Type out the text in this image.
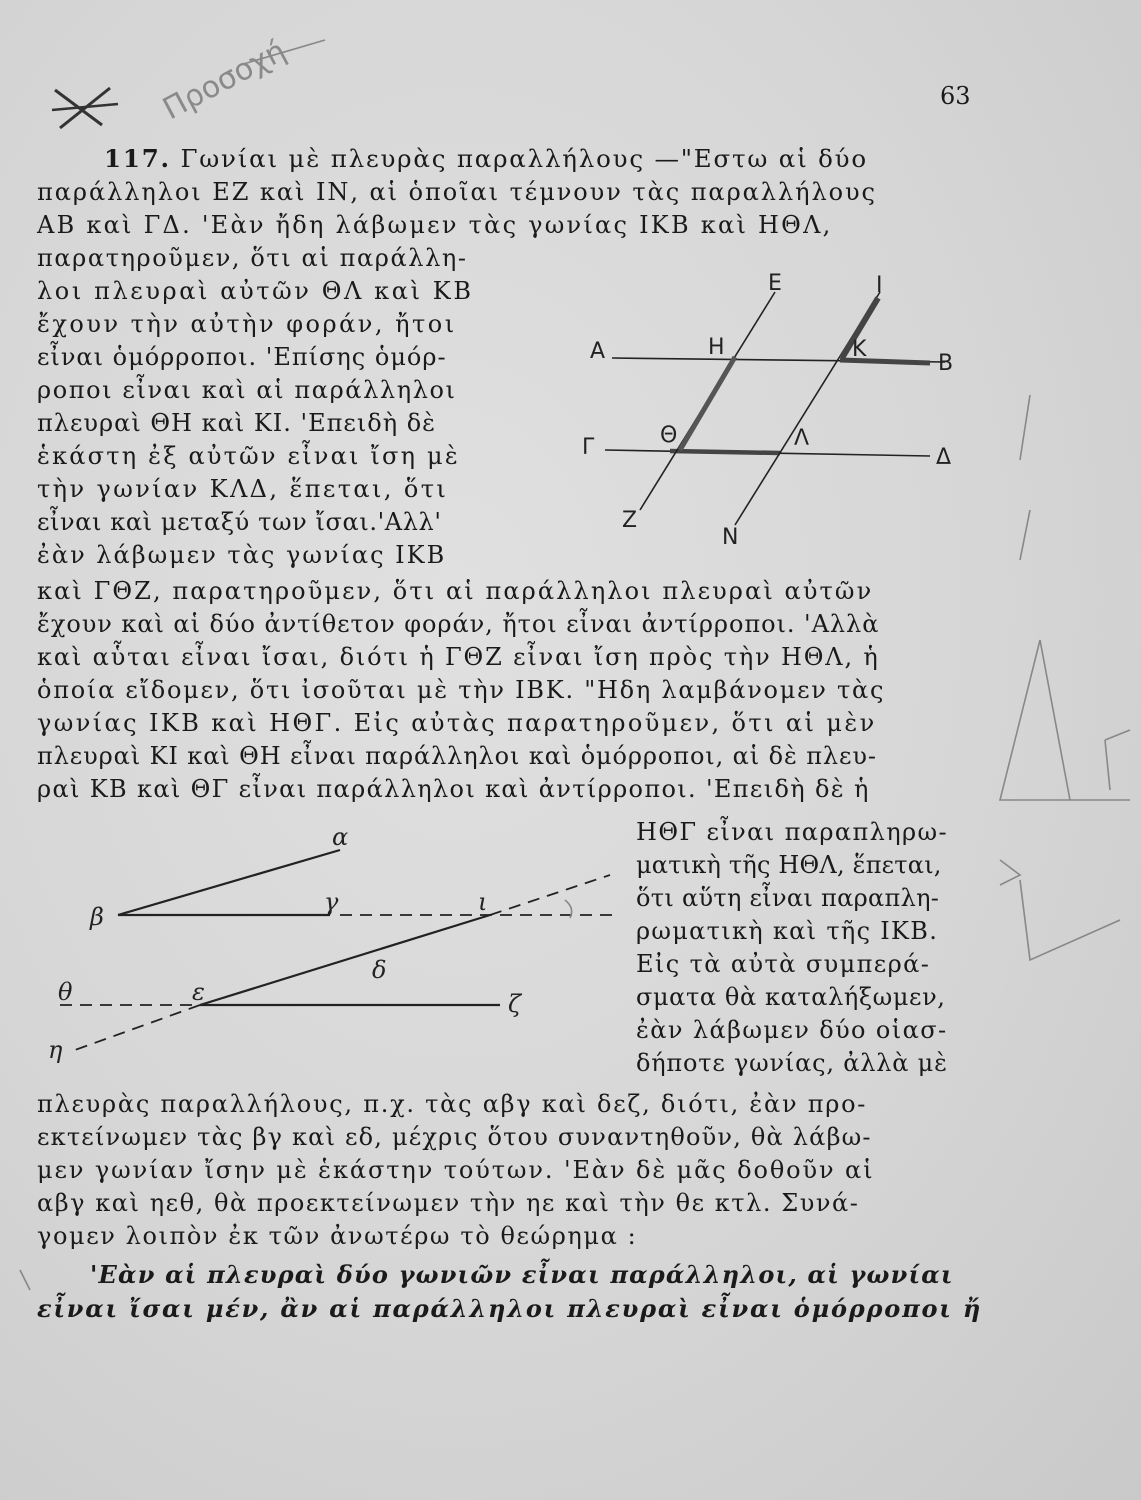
Προσοχή	63
117. Γωνίαι μὲ πλευρὰς παραλλήλους —"Εστω αἱ δύο
παράλληλοι ΕΖ καὶ ΙΝ, αἱ ὁποῖαι τέμνουν τὰς παραλλήλους
ΑΒ καὶ ΓΔ. 'Εὰν ἤδη λάβωμεν τὰς γωνίας ΙΚΒ καὶ ΗΘΛ,
παρατηροῦμεν, ὅτι αἱ παράλλη-
λοι πλευραὶ αὐτῶν ΘΛ καὶ ΚΒ
ἔχουν τὴν αὐτὴν φοράν, ἤτοι
εἶναι ὁμόρροποι. 'Επίσης ὁμόρ-
ροποι εἶναι καὶ αἱ παράλληλοι
πλευραὶ ΘΗ καὶ ΚΙ. 'Επειδὴ δὲ
ἑκάστη ἐξ αὐτῶν εἶναι ἴση μὲ
τὴν γωνίαν ΚΛΔ, ἕπεται, ὅτι
εἶναι καὶ μεταξύ των ἴσαι.'Αλλ'
ἐὰν λάβωμεν τὰς γωνίας ΙΚΒ
A	H	K
B
E	I
Γ	Θ	Λ
Δ
Z
N
καὶ ΓΘΖ, παρατηροῦμεν, ὅτι αἱ παράλληλοι πλευραὶ αὐτῶν
ἔχουν καὶ αἱ δύο ἀντίθετον φοράν, ἤτοι εἶναι ἀντίρροποι. 'Αλλὰ
καὶ αὗται εἶναι ἴσαι, διότι ἡ ΓΘΖ εἶναι ἴση πρὸς τὴν ΗΘΛ, ἡ
ὁποία εἴδομεν, ὅτι ἰσοῦται μὲ τὴν ΙΒΚ. "Ηδη λαμβάνομεν τὰς
γωνίας ΙΚΒ καὶ ΗΘΓ. Εἰς αὐτὰς παρατηροῦμεν, ὅτι αἱ μὲν
πλευραὶ ΚΙ καὶ ΘΗ εἶναι παράλληλοι καὶ ὁμόρροποι, αἱ δὲ πλευ-
ραὶ ΚΒ καὶ ΘΓ εἶναι παράλληλοι καὶ ἀντίρροποι. 'Επειδὴ δὲ ἡ
ΗΘΓ εἶναι παραπληρω-
ματικὴ τῆς ΗΘΛ, ἕπεται,
ὅτι αὕτη εἶναι παραπλη-
ρωματικὴ καὶ τῆς ΙΚΒ.
Εἰς τὰ αὐτὰ συμπερά-
σματα θὰ καταλήξωμεν,
ἐὰν λάβωμεν δύο οἱασ-
δήποτε γωνίας, ἀλλὰ μὲ
α
β
γ	ι
δ
ε	ζ
θ
η
πλευρὰς παραλλήλους, π.χ. τὰς αβγ καὶ δεζ, διότι, ἐὰν προ-
εκτείνωμεν τὰς βγ καὶ εδ, μέχρις ὅτου συναντηθοῦν, θὰ λάβω-
μεν γωνίαν ἴσην μὲ ἑκάστην τούτων. 'Εὰν δὲ μᾶς δοθοῦν αἱ
αβγ καὶ ηεθ, θὰ προεκτείνωμεν τὴν ηε καὶ τὴν θε κτλ. Συνά-
γομεν λοιπὸν ἐκ τῶν ἀνωτέρω τὸ θεώρημα :
'Εὰν αἱ πλευραὶ δύο γωνιῶν εἶναι παράλληλοι, αἱ γωνίαι
εἶναι ἴσαι μέν, ἂν αἱ παράλληλοι πλευραὶ εἶναι ὁμόρροποι ἤ
